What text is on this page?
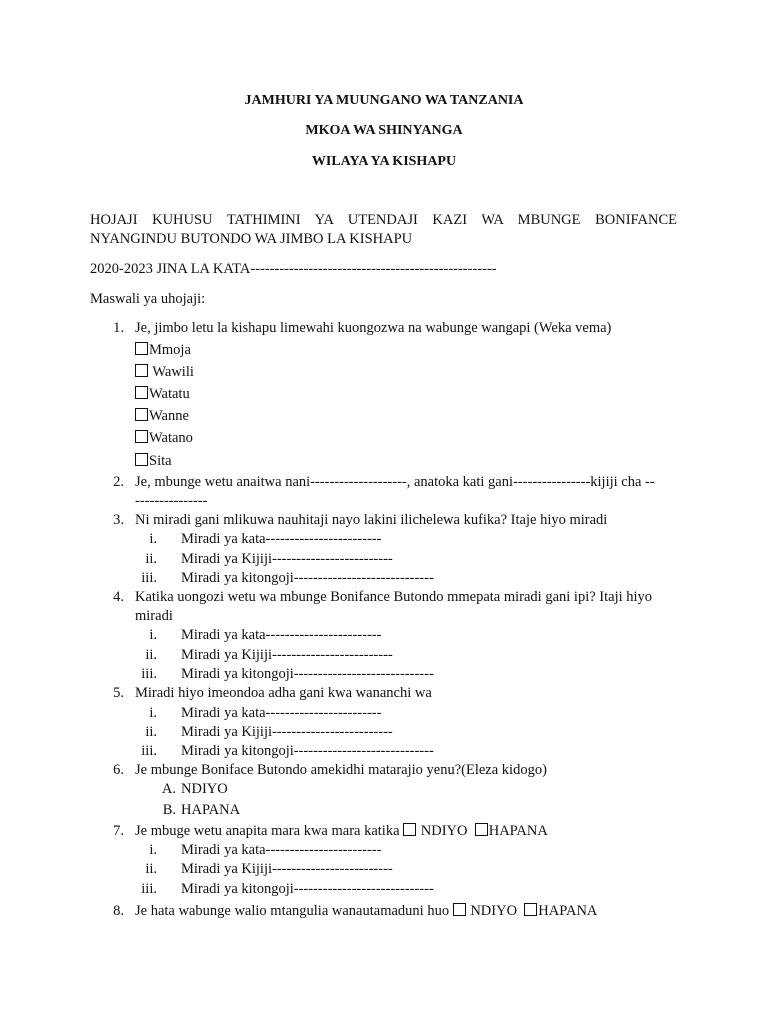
JAMHURI YA MUUNGANO WA TANZANIA
MKOA WA SHINYANGA
WILAYA YA KISHAPU
HOJAJI KUHUSU TATHIMINI YA UTENDAJI KAZI WA MBUNGE BONIFANCE
NYANGINDU BUTONDO WA JIMBO LA KISHAPU
2020-2023 JINA LA KATA---------------------------------------------------
Maswali ya uhojaji:
1. Je, jimbo letu la kishapu limewahi kuongozwa na wabunge wangapi (Weka vema)
Mmoja
Wawili
Watatu
Wanne
Watano
Sita
2. Je, mbunge wetu anaitwa nani--------------------, anatoka kati gani----------------kijiji cha --
---------------
3. Ni miradi gani mlikuwa nauhitaji nayo lakini ilichelewa kufika? Itaje hiyo miradi
i. Miradi ya kata------------------------
ii. Miradi ya Kijiji-------------------------
iii. Miradi ya kitongoji-----------------------------
4. Katika uongozi wetu wa mbunge Bonifance Butondo mmepata miradi gani ipi? Itaji hiyo
miradi
i. Miradi ya kata------------------------
ii. Miradi ya Kijiji-------------------------
iii. Miradi ya kitongoji-----------------------------
5. Miradi hiyo imeondoa adha gani kwa wananchi wa
i. Miradi ya kata------------------------
ii. Miradi ya Kijiji-------------------------
iii. Miradi ya kitongoji-----------------------------
6. Je mbunge Boniface Butondo amekidhi matarajio yenu?(Eleza kidogo)
A. NDIYO
B. HAPANA
7. Je mbuge wetu anapita mara kwa mara katika  NDIYO HAPANA
i. Miradi ya kata------------------------
ii. Miradi ya Kijiji-------------------------
iii. Miradi ya kitongoji-----------------------------
8. Je hata wabunge walio mtangulia wanautamaduni huo  NDIYO HAPANA
